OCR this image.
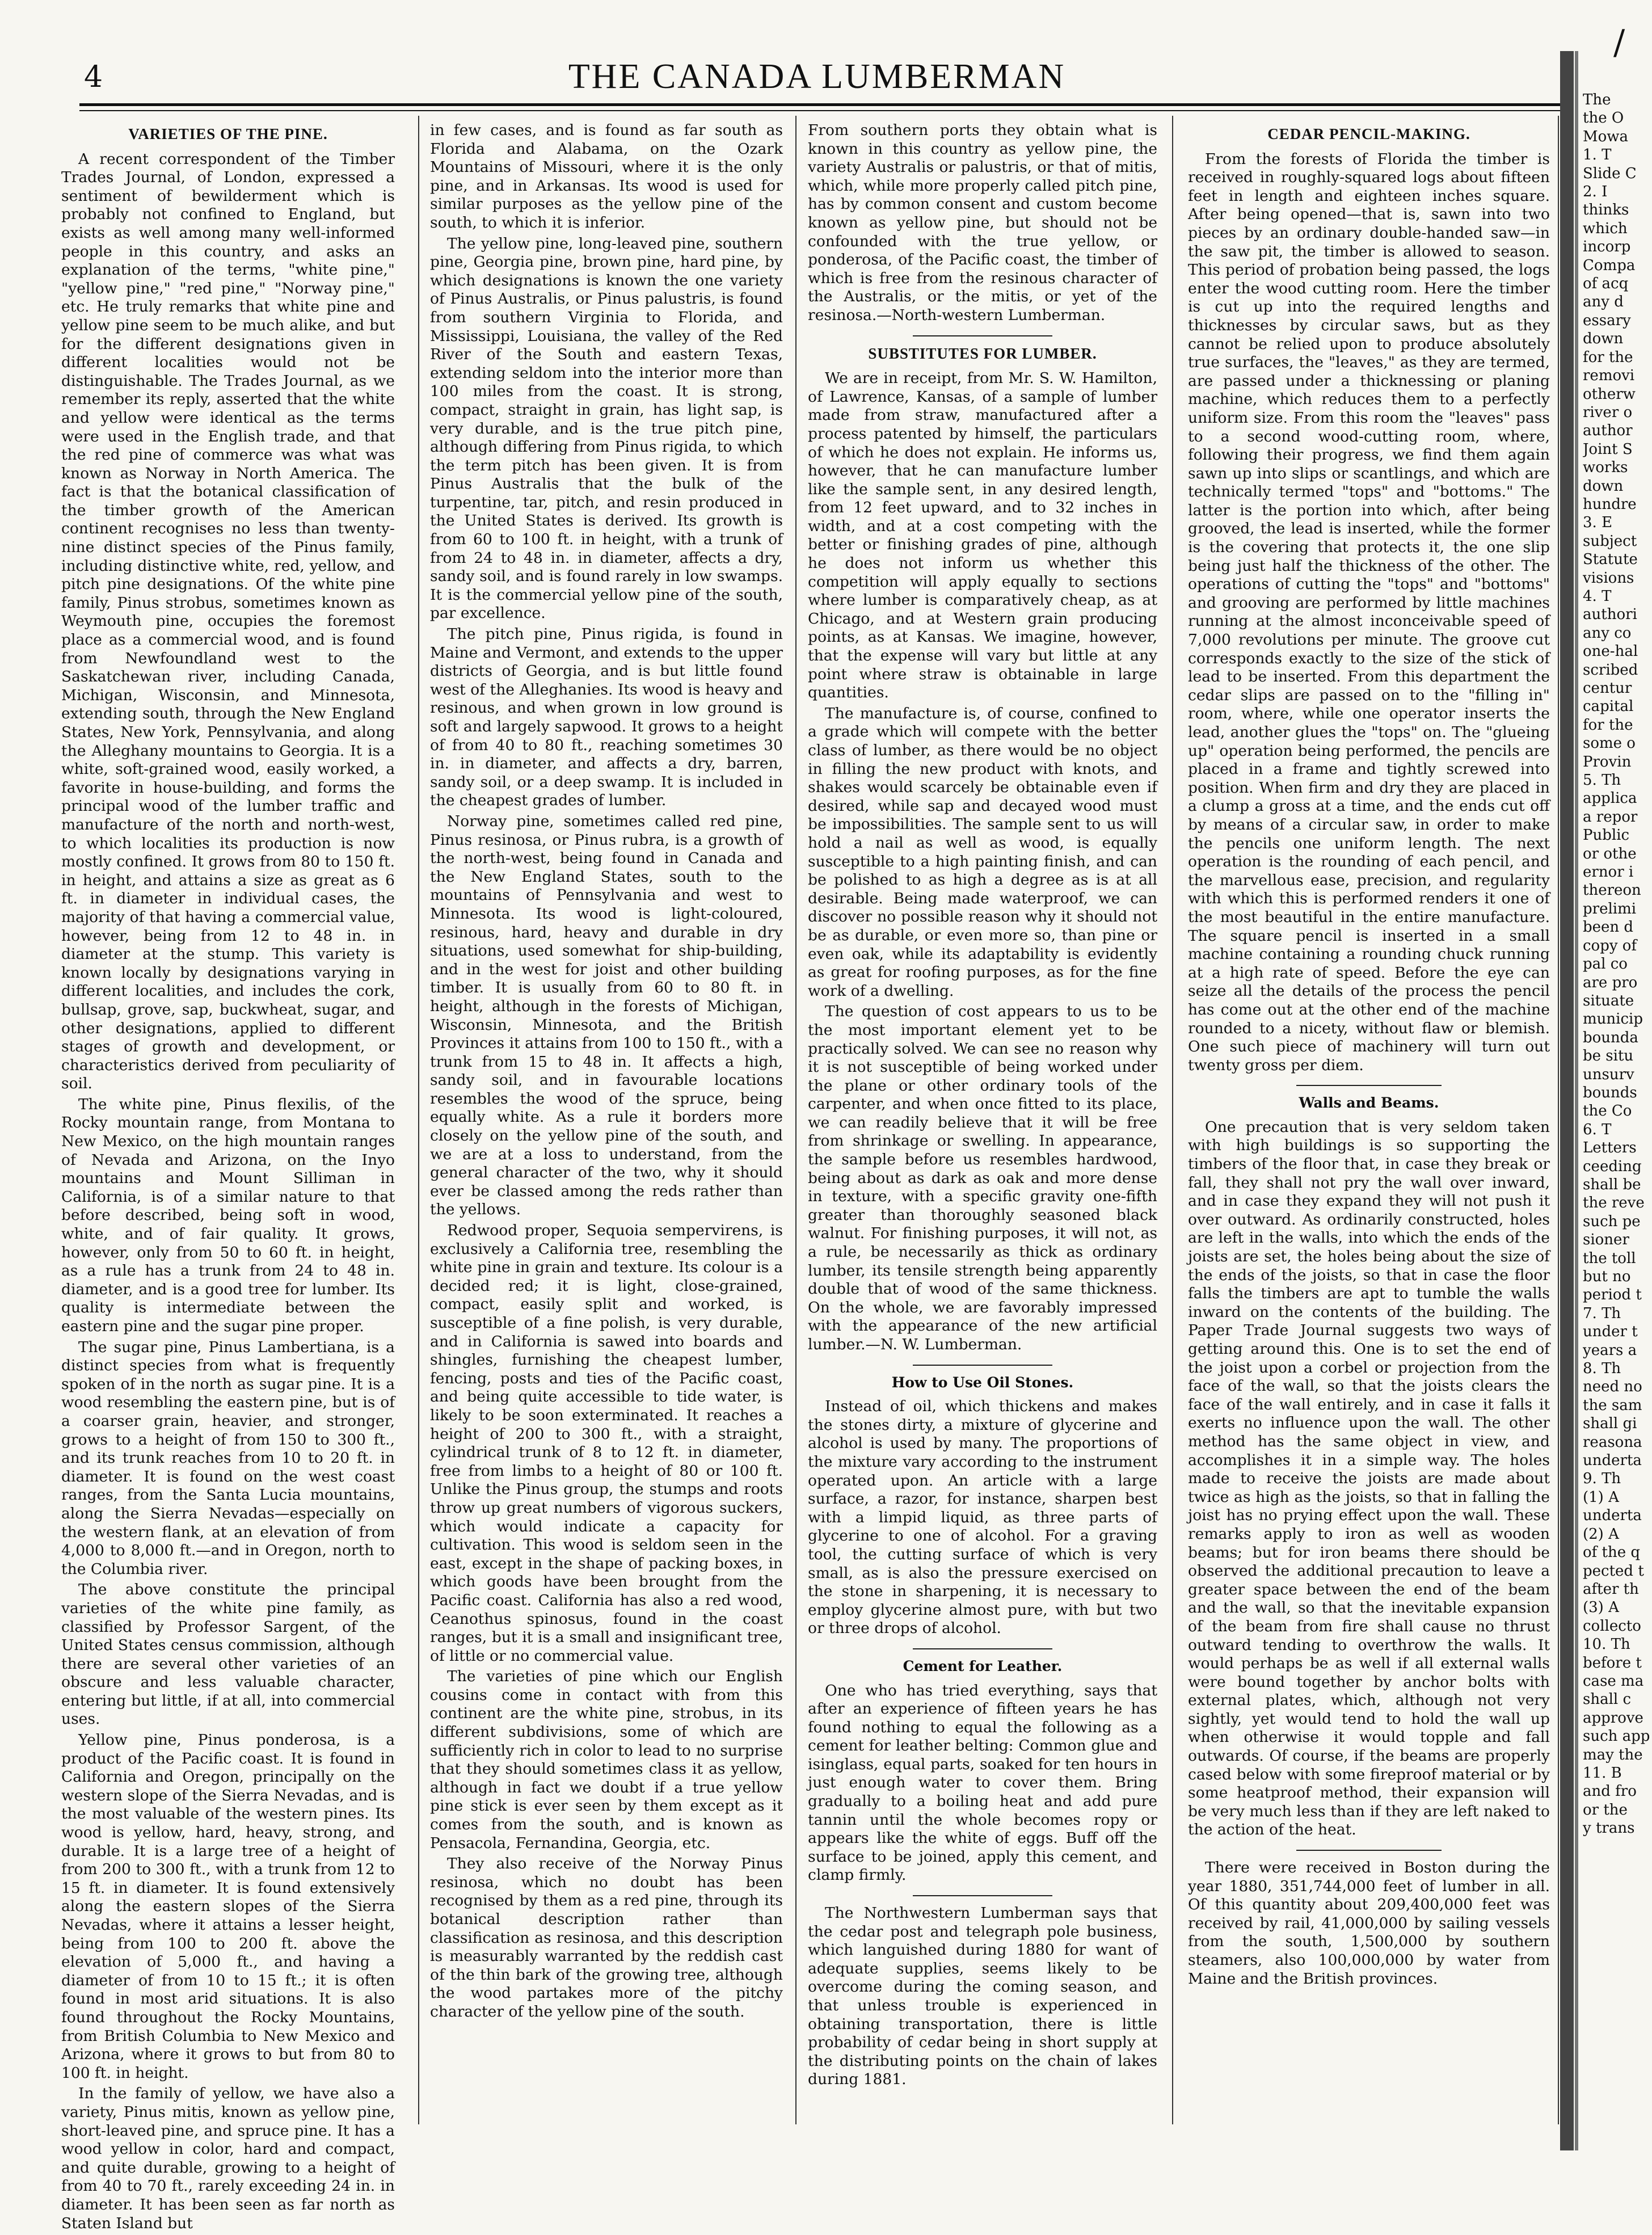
4	THE CANADA LUMBERMAN
∕
VARIETIES OF THE PINE.

A recent correspondent of the Timber Trades Journal, of London, expressed a sentiment of bewilderment which is probably not confined to England, but exists as well among many well-informed people in this country, and asks an explanation of the terms, "white pine," "yellow pine," "red pine," "Norway pine," etc. He truly remarks that white pine and yellow pine seem to be much alike, and but for the different designations given in different localities would not be distinguishable. The Trades Journal, as we remember its reply, asserted that the white and yellow were identical as the terms were used in the English trade, and that the red pine of commerce was what was known as Norway in North America. The fact is that the botanical classification of the timber growth of the American continent recognises no less than twenty-nine distinct species of the Pinus family, including distinctive white, red, yellow, and pitch pine designations. Of the white pine family, Pinus strobus, sometimes known as Weymouth pine, occupies the foremost place as a commercial wood, and is found from Newfoundland west to the Saskatchewan river, including Canada, Michigan, Wisconsin, and Minnesota, extending south, through the New England States, New York, Pennsylvania, and along the Alleghany mountains to Georgia. It is a white, soft-grained wood, easily worked, a favorite in house-building, and forms the principal wood of the lumber traffic and manufacture of the north and north-west, to which localities its production is now mostly confined. It grows from 80 to 150 ft. in height, and attains a size as great as 6 ft. in diameter in individual cases, the majority of that having a commercial value, however, being from 12 to 48 in. in diameter at the stump. This variety is known locally by designations varying in different localities, and includes the cork, bullsap, grove, sap, buckwheat, sugar, and other designations, applied to different stages of growth and development, or characteristics derived from peculiarity of soil.

The white pine, Pinus flexilis, of the Rocky mountain range, from Montana to New Mexico, on the high mountain ranges of Nevada and Arizona, on the Inyo mountains and Mount Silliman in California, is of a similar nature to that before described, being soft in wood, white, and of fair quality. It grows, however, only from 50 to 60 ft. in height, as a rule has a trunk from 24 to 48 in. diameter, and is a good tree for lumber. Its quality is intermediate between the eastern pine and the sugar pine proper.

The sugar pine, Pinus Lambertiana, is a distinct species from what is frequently spoken of in the north as sugar pine. It is a wood resembling the eastern pine, but is of a coarser grain, heavier, and stronger, grows to a height of from 150 to 300 ft., and its trunk reaches from 10 to 20 ft. in diameter. It is found on the west coast ranges, from the Santa Lucia mountains, along the Sierra Nevadas—especially on the western flank, at an elevation of from 4,000 to 8,000 ft.—and in Oregon, north to the Columbia river.

The above constitute the principal varieties of the white pine family, as classified by Professor Sargent, of the United States census commission, although there are several other varieties of an obscure and less valuable character, entering but little, if at all, into commercial uses.

Yellow pine, Pinus ponderosa, is a product of the Pacific coast. It is found in California and Oregon, principally on the western slope of the Sierra Nevadas, and is the most valuable of the western pines. Its wood is yellow, hard, heavy, strong, and durable. It is a large tree of a height of from 200 to 300 ft., with a trunk from 12 to 15 ft. in diameter. It is found extensively along the eastern slopes of the Sierra Nevadas, where it attains a lesser height, being from 100 to 200 ft. above the elevation of 5,000 ft., and having a diameter of from 10 to 15 ft.; it is often found in most arid situations. It is also found throughout the Rocky Mountains, from British Columbia to New Mexico and Arizona, where it grows to but from 80 to 100 ft. in height.

In the family of yellow, we have also a variety, Pinus mitis, known as yellow pine, short-leaved pine, and spruce pine. It has a wood yellow in color, hard and compact, and quite durable, growing to a height of from 40 to 70 ft., rarely exceeding 24 in. in diameter. It has been seen as far north as Staten Island but

in few cases, and is found as far south as Florida and Alabama, on the Ozark Mountains of Missouri, where it is the only pine, and in Arkansas. Its wood is used for similar purposes as the yellow pine of the south, to which it is inferior.

The yellow pine, long-leaved pine, southern pine, Georgia pine, brown pine, hard pine, by which designations is known the one variety of Pinus Australis, or Pinus palustris, is found from southern Virginia to Florida, and Mississippi, Louisiana, the valley of the Red River of the South and eastern Texas, extending seldom into the interior more than 100 miles from the coast. It is strong, compact, straight in grain, has light sap, is very durable, and is the true pitch pine, although differing from Pinus rigida, to which the term pitch has been given. It is from Pinus Australis that the bulk of the turpentine, tar, pitch, and resin produced in the United States is derived. Its growth is from 60 to 100 ft. in height, with a trunk of from 24 to 48 in. in diameter, affects a dry, sandy soil, and is found rarely in low swamps. It is the commercial yellow pine of the south, par excellence.

The pitch pine, Pinus rigida, is found in Maine and Vermont, and extends to the upper districts of Georgia, and is but little found west of the Alleghanies. Its wood is heavy and resinous, and when grown in low ground is soft and largely sapwood. It grows to a height of from 40 to 80 ft., reaching sometimes 30 in. in diameter, and affects a dry, barren, sandy soil, or a deep swamp. It is included in the cheapest grades of lumber.

Norway pine, sometimes called red pine, Pinus resinosa, or Pinus rubra, is a growth of the north-west, being found in Canada and the New England States, south to the mountains of Pennsylvania and west to Minnesota. Its wood is light-coloured, resinous, hard, heavy and durable in dry situations, used somewhat for ship-building, and in the west for joist and other building timber. It is usually from 60 to 80 ft. in height, although in the forests of Michigan, Wisconsin, Minnesota, and the British Provinces it attains from 100 to 150 ft., with a trunk from 15 to 48 in. It affects a high, sandy soil, and in favourable locations resembles the wood of the spruce, being equally white. As a rule it borders more closely on the yellow pine of the south, and we are at a loss to understand, from the general character of the two, why it should ever be classed among the reds rather than the yellows.

Redwood proper, Sequoia sempervirens, is exclusively a California tree, resembling the white pine in grain and texture. Its colour is a decided red; it is light, close-grained, compact, easily split and worked, is susceptible of a fine polish, is very durable, and in California is sawed into boards and shingles, furnishing the cheapest lumber, fencing, posts and ties of the Pacific coast, and being quite accessible to tide water, is likely to be soon exterminated. It reaches a height of 200 to 300 ft., with a straight, cylindrical trunk of 8 to 12 ft. in diameter, free from limbs to a height of 80 or 100 ft. Unlike the Pinus group, the stumps and roots throw up great numbers of vigorous suckers, which would indicate a capacity for cultivation. This wood is seldom seen in the east, except in the shape of packing boxes, in which goods have been brought from the Pacific coast. California has also a red wood, Ceanothus spinosus, found in the coast ranges, but it is a small and insignificant tree, of little or no commercial value.

The varieties of pine which our English cousins come in contact with from this continent are the white pine, strobus, in its different subdivisions, some of which are sufficiently rich in color to lead to no surprise that they should sometimes class it as yellow, although in fact we doubt if a true yellow pine stick is ever seen by them except as it comes from the south, and is known as Pensacola, Fernandina, Georgia, etc.

They also receive of the Norway Pinus resinosa, which no doubt has been recognised by them as a red pine, through its botanical description rather than classification as resinosa, and this description is measurably warranted by the reddish cast of the thin bark of the growing tree, although the wood partakes more of the pitchy character of the yellow pine of the south.

From southern ports they obtain what is known in this country as yellow pine, the variety Australis or palustris, or that of mitis, which, while more properly called pitch pine, has by common consent and custom become known as yellow pine, but should not be confounded with the true yellow, or ponderosa, of the Pacific coast, the timber of which is free from the resinous character of the Australis, or the mitis, or yet of the resinosa.—North-western Lumberman.

SUBSTITUTES FOR LUMBER.

We are in receipt, from Mr. S. W. Hamilton, of Lawrence, Kansas, of a sample of lumber made from straw, manufactured after a process patented by himself, the particulars of which he does not explain. He informs us, however, that he can manufacture lumber like the sample sent, in any desired length, from 12 feet upward, and to 32 inches in width, and at a cost competing with the better or finishing grades of pine, although he does not inform us whether this competition will apply equally to sections where lumber is comparatively cheap, as at Chicago, and at Western grain producing points, as at Kansas. We imagine, however, that the expense will vary but little at any point where straw is obtainable in large quantities.

The manufacture is, of course, confined to a grade which will compete with the better class of lumber, as there would be no object in filling the new product with knots, and shakes would scarcely be obtainable even if desired, while sap and decayed wood must be impossibilities. The sample sent to us will hold a nail as well as wood, is equally susceptible to a high painting finish, and can be polished to as high a degree as is at all desirable. Being made waterproof, we can discover no possible reason why it should not be as durable, or even more so, than pine or even oak, while its adaptability is evidently as great for roofing purposes, as for the fine work of a dwelling.

The question of cost appears to us to be the most important element yet to be practically solved. We can see no reason why it is not susceptible of being worked under the plane or other ordinary tools of the carpenter, and when once fitted to its place, we can readily believe that it will be free from shrinkage or swelling. In appearance, the sample before us resembles hardwood, being about as dark as oak and more dense in texture, with a specific gravity one-fifth greater than thoroughly seasoned black walnut. For finishing purposes, it will not, as a rule, be necessarily as thick as ordinary lumber, its tensile strength being apparently double that of wood of the same thickness. On the whole, we are favorably impressed with the appearance of the new artificial lumber.—N. W. Lumberman.

How to Use Oil Stones.

Instead of oil, which thickens and makes the stones dirty, a mixture of glycerine and alcohol is used by many. The proportions of the mixture vary according to the instrument operated upon. An article with a large surface, a razor, for instance, sharpen best with a limpid liquid, as three parts of glycerine to one of alcohol. For a graving tool, the cutting surface of which is very small, as is also the pressure exercised on the stone in sharpening, it is necessary to employ glycerine almost pure, with but two or three drops of alcohol.

Cement for Leather.

One who has tried everything, says that after an experience of fifteen years he has found nothing to equal the following as a cement for leather belting: Common glue and isinglass, equal parts, soaked for ten hours in just enough water to cover them. Bring gradually to a boiling heat and add pure tannin until the whole becomes ropy or appears like the white of eggs. Buff off the surface to be joined, apply this cement, and clamp firmly.

The Northwestern Lumberman says that the cedar post and telegraph pole business, which languished during 1880 for want of adequate supplies, seems likely to be overcome during the coming season, and that unless trouble is experienced in obtaining transportation, there is little probability of cedar being in short supply at the distributing points on the chain of lakes during 1881.

CEDAR PENCIL-MAKING.

From the forests of Florida the timber is received in roughly-squared logs about fifteen feet in length and eighteen inches square. After being opened—that is, sawn into two pieces by an ordinary double-handed saw—in the saw pit, the timber is allowed to season. This period of probation being passed, the logs enter the wood cutting room. Here the timber is cut up into the required lengths and thicknesses by circular saws, but as they cannot be relied upon to produce absolutely true surfaces, the "leaves," as they are termed, are passed under a thicknessing or planing machine, which reduces them to a perfectly uniform size. From this room the "leaves" pass to a second wood-cutting room, where, following their progress, we find them again sawn up into slips or scantlings, and which are technically termed "tops" and "bottoms." The latter is the portion into which, after being grooved, the lead is inserted, while the former is the covering that protects it, the one slip being just half the thickness of the other. The operations of cutting the "tops" and "bottoms" and grooving are performed by little machines running at the almost inconceivable speed of 7,000 revolutions per minute. The groove cut corresponds exactly to the size of the stick of lead to be inserted. From this department the cedar slips are passed on to the "filling in" room, where, while one operator inserts the lead, another glues the "tops" on. The "glueing up" operation being performed, the pencils are placed in a frame and tightly screwed into position. When firm and dry they are placed in a clump a gross at a time, and the ends cut off by means of a circular saw, in order to make the pencils one uniform length. The next operation is the rounding of each pencil, and the marvellous ease, precision, and regularity with which this is performed renders it one of the most beautiful in the entire manufacture. The square pencil is inserted in a small machine containing a rounding chuck running at a high rate of speed. Before the eye can seize all the details of the process the pencil has come out at the other end of the machine rounded to a nicety, without flaw or blemish. One such piece of machinery will turn out twenty gross per diem.

Walls and Beams.

One precaution that is very seldom taken with high buildings is so supporting the timbers of the floor that, in case they break or fall, they shall not pry the wall over inward, and in case they expand they will not push it over outward. As ordinarily constructed, holes are left in the walls, into which the ends of the joists are set, the holes being about the size of the ends of the joists, so that in case the floor falls the timbers are apt to tumble the walls inward on the contents of the building. The Paper Trade Journal suggests two ways of getting around this. One is to set the end of the joist upon a corbel or projection from the face of the wall, so that the joists clears the face of the wall entirely, and in case it falls it exerts no influence upon the wall. The other method has the same object in view, and accomplishes it in a simple way. The holes made to receive the joists are made about twice as high as the joists, so that in falling the joist has no prying effect upon the wall. These remarks apply to iron as well as wooden beams; but for iron beams there should be observed the additional precaution to leave a greater space between the end of the beam and the wall, so that the inevitable expansion of the beam from fire shall cause no thrust outward tending to overthrow the walls. It would perhaps be as well if all external walls were bound together by anchor bolts with external plates, which, although not very sightly, yet would tend to hold the wall up when otherwise it would topple and fall outwards. Of course, if the beams are properly cased below with some fireproof material or by some heatproof method, their expansion will be very much less than if they are left naked to the action of the heat.

There were received in Boston during the year 1880, 351,744,000 feet of lumber in all. Of this quantity about 209,400,000 feet was received by rail, 41,000,000 by sailing vessels from the south, 1,500,000 by southern steamers, also 100,000,000 by water from Maine and the British provinces.

The
the O
Mowa
1. T
Slide C
2. I
thinks
which
incorp
Compa
of acq
any d
essary
down
for the
removi
otherw
river o
author
Joint S
works
down
hundre
3. E
subject
Statute
visions
4. T
authori
any co
one-hal
scribed
centur
capital
for the
some o
Provin
5. Th
applica
a repor
Public
or othe
ernor i
thereon
prelimi
been d
copy of
pal co
are pro
situate
municip
bounda
be situ
unsurv
bounds
the Co
6. T
Letters
ceeding
shall be
the reve
such pe
sioner
the toll
but no
period t
7. Th
under t
years a
8. Th
need no
the sam
shall gi
reasona
underta
9. Th
(1) A
underta
(2) A
of the q
pected t
after th
(3) A
collecto
10. Th
before t
case ma
shall c
approve
such app
may the
11. B
and fro
or the
y trans
